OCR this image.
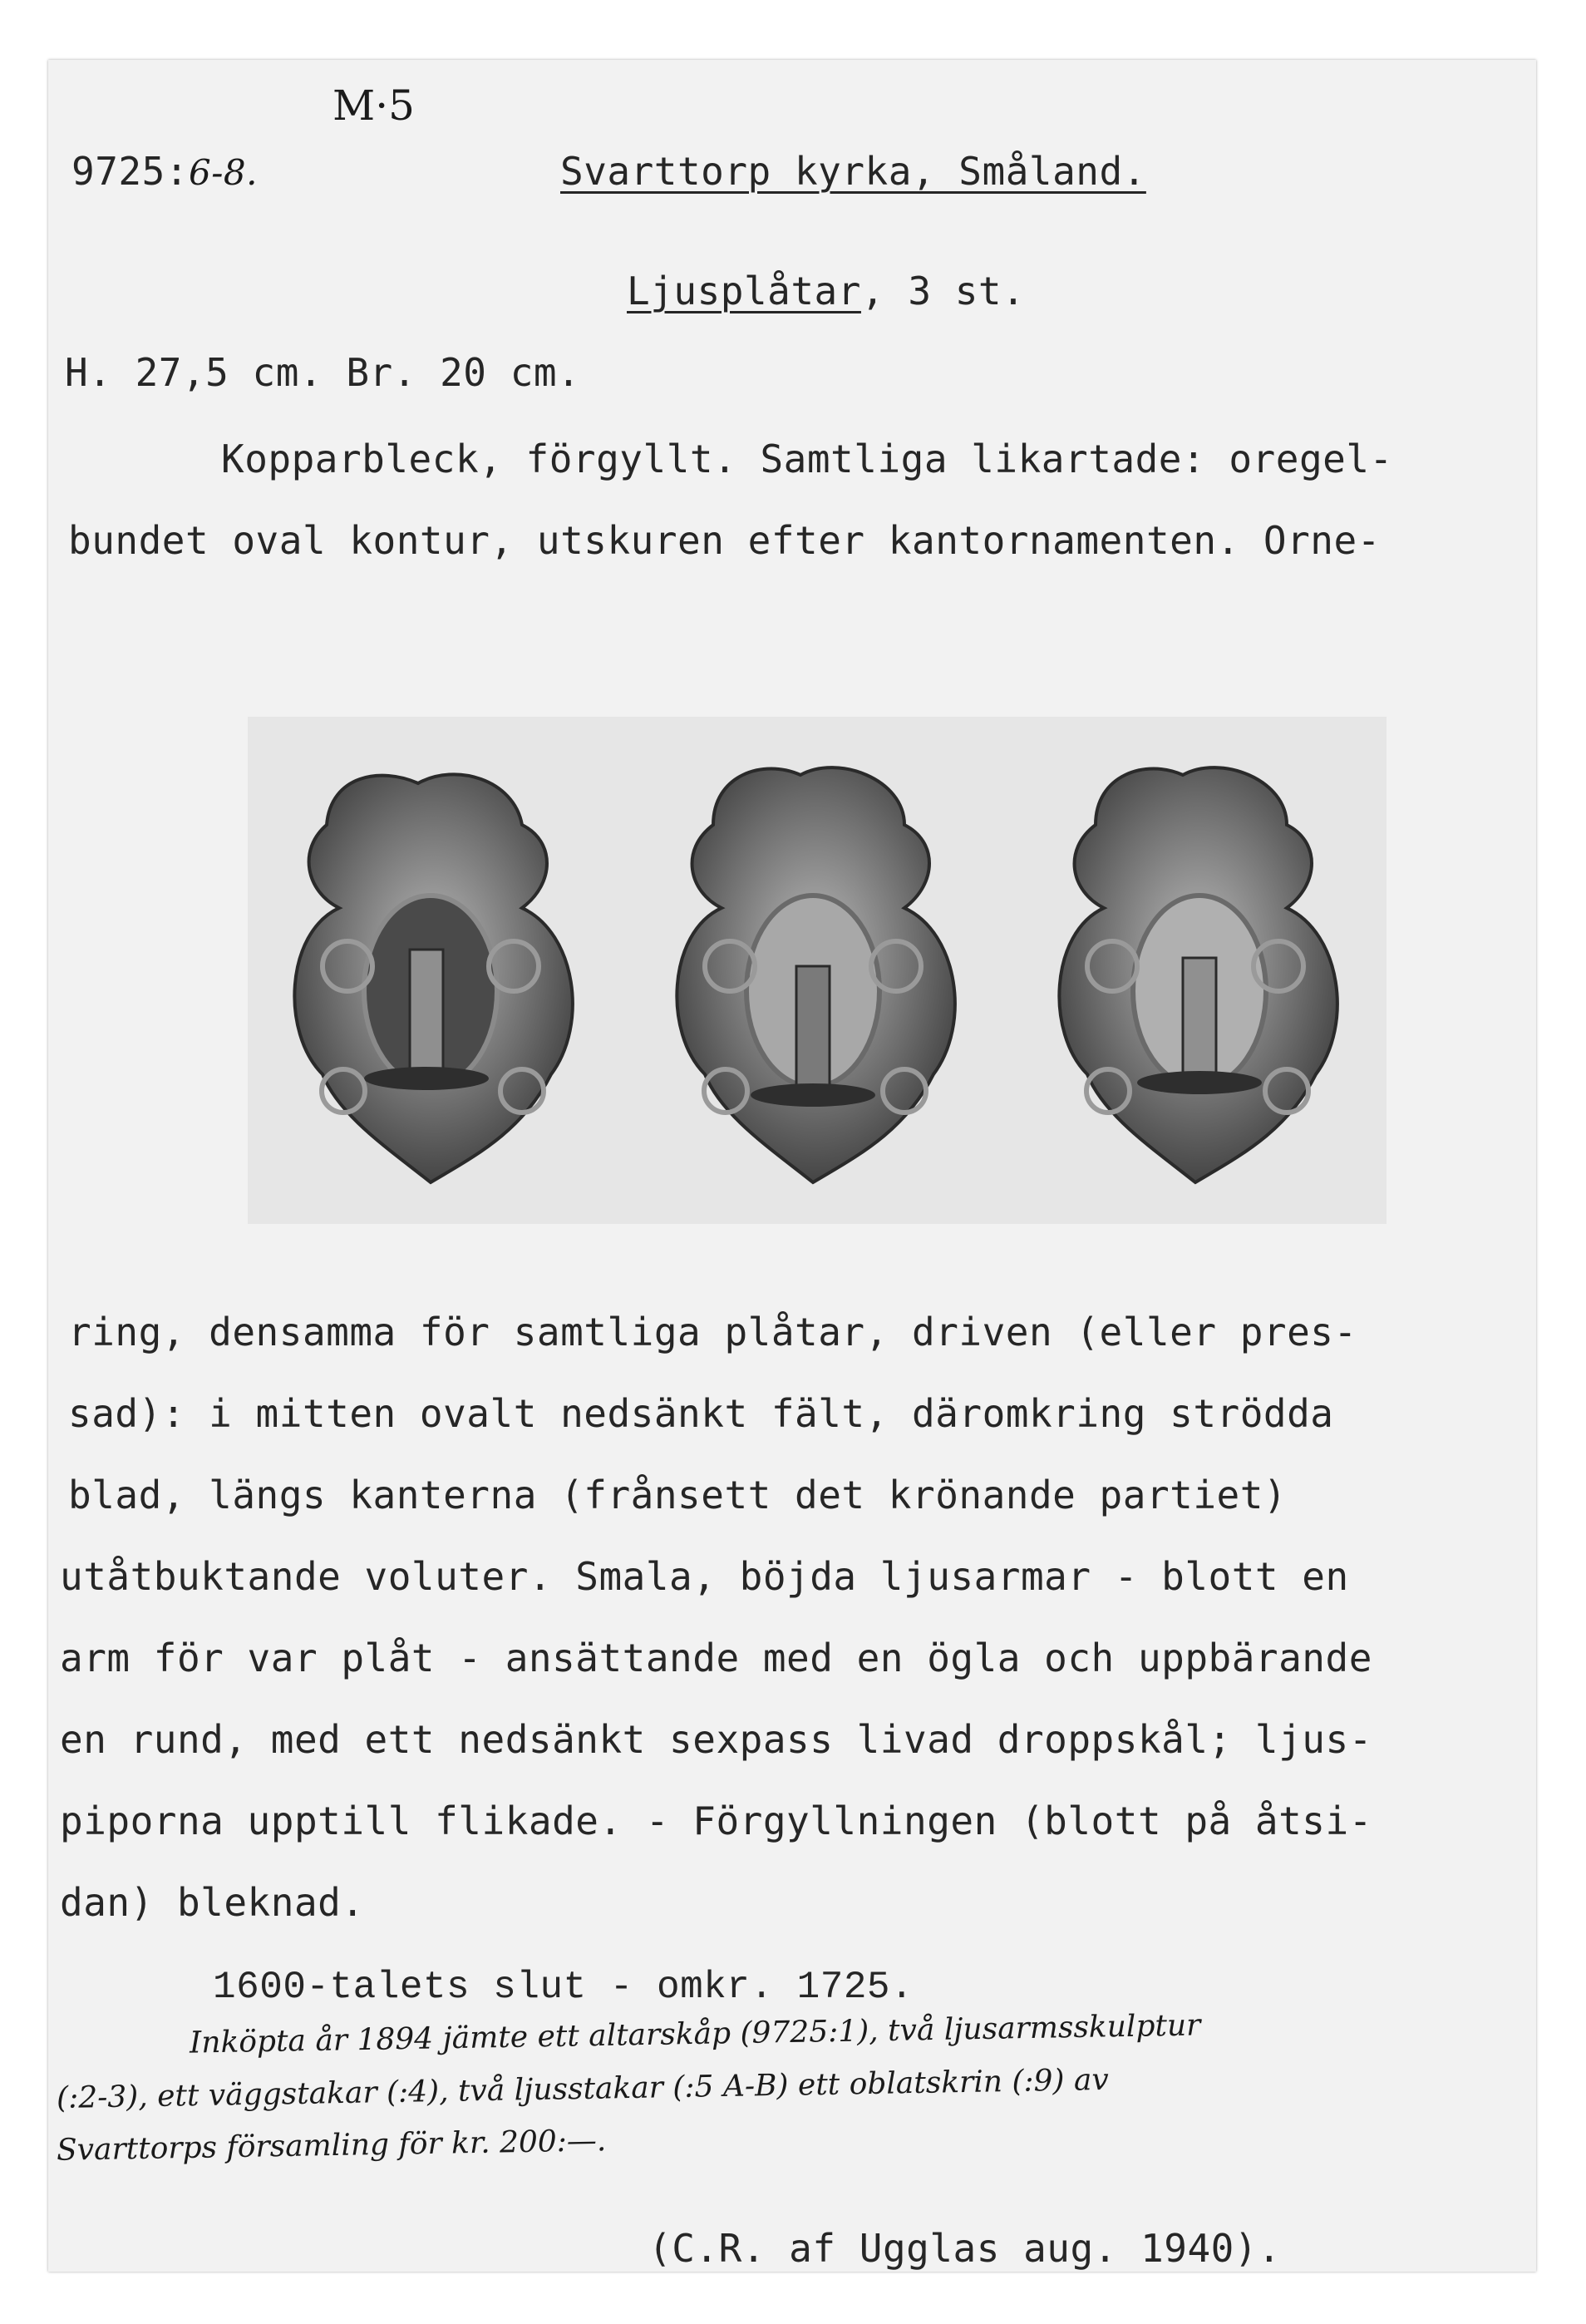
M·5
9725:6-8.	Svarttorp kyrka, Småland.
Ljusplåtar, 3 st.
H. 27,5 cm. Br. 20 cm.
Kopparbleck, förgyllt. Samtliga likartade: oregel-
bundet oval kontur, utskuren efter kantornamenten. Orne-
ring, densamma för samtliga plåtar, driven (eller pres-
sad): i mitten ovalt nedsänkt fält, däromkring strödda
blad, längs kanterna (frånsett det krönande partiet)
utåtbuktande voluter. Smala, böjda ljusarmar - blott en
arm för var plåt - ansättande med en ögla och uppbärande
en rund, med ett nedsänkt sexpass livad droppskål; ljus-
piporna upptill flikade. - Förgyllningen (blott på åtsi-
dan) bleknad.
1600-talets slut - omkr. 1725.
Inköpta år 1894 jämte ett altarskåp (9725:1), två ljusarmsskulptur
(:2-3), ett väggstakar (:4), två ljusstakar (:5 A-B) ett oblatskrin (:9) av
Svarttorps församling för kr. 200:—.
(C.R. af Ugglas aug. 1940).
